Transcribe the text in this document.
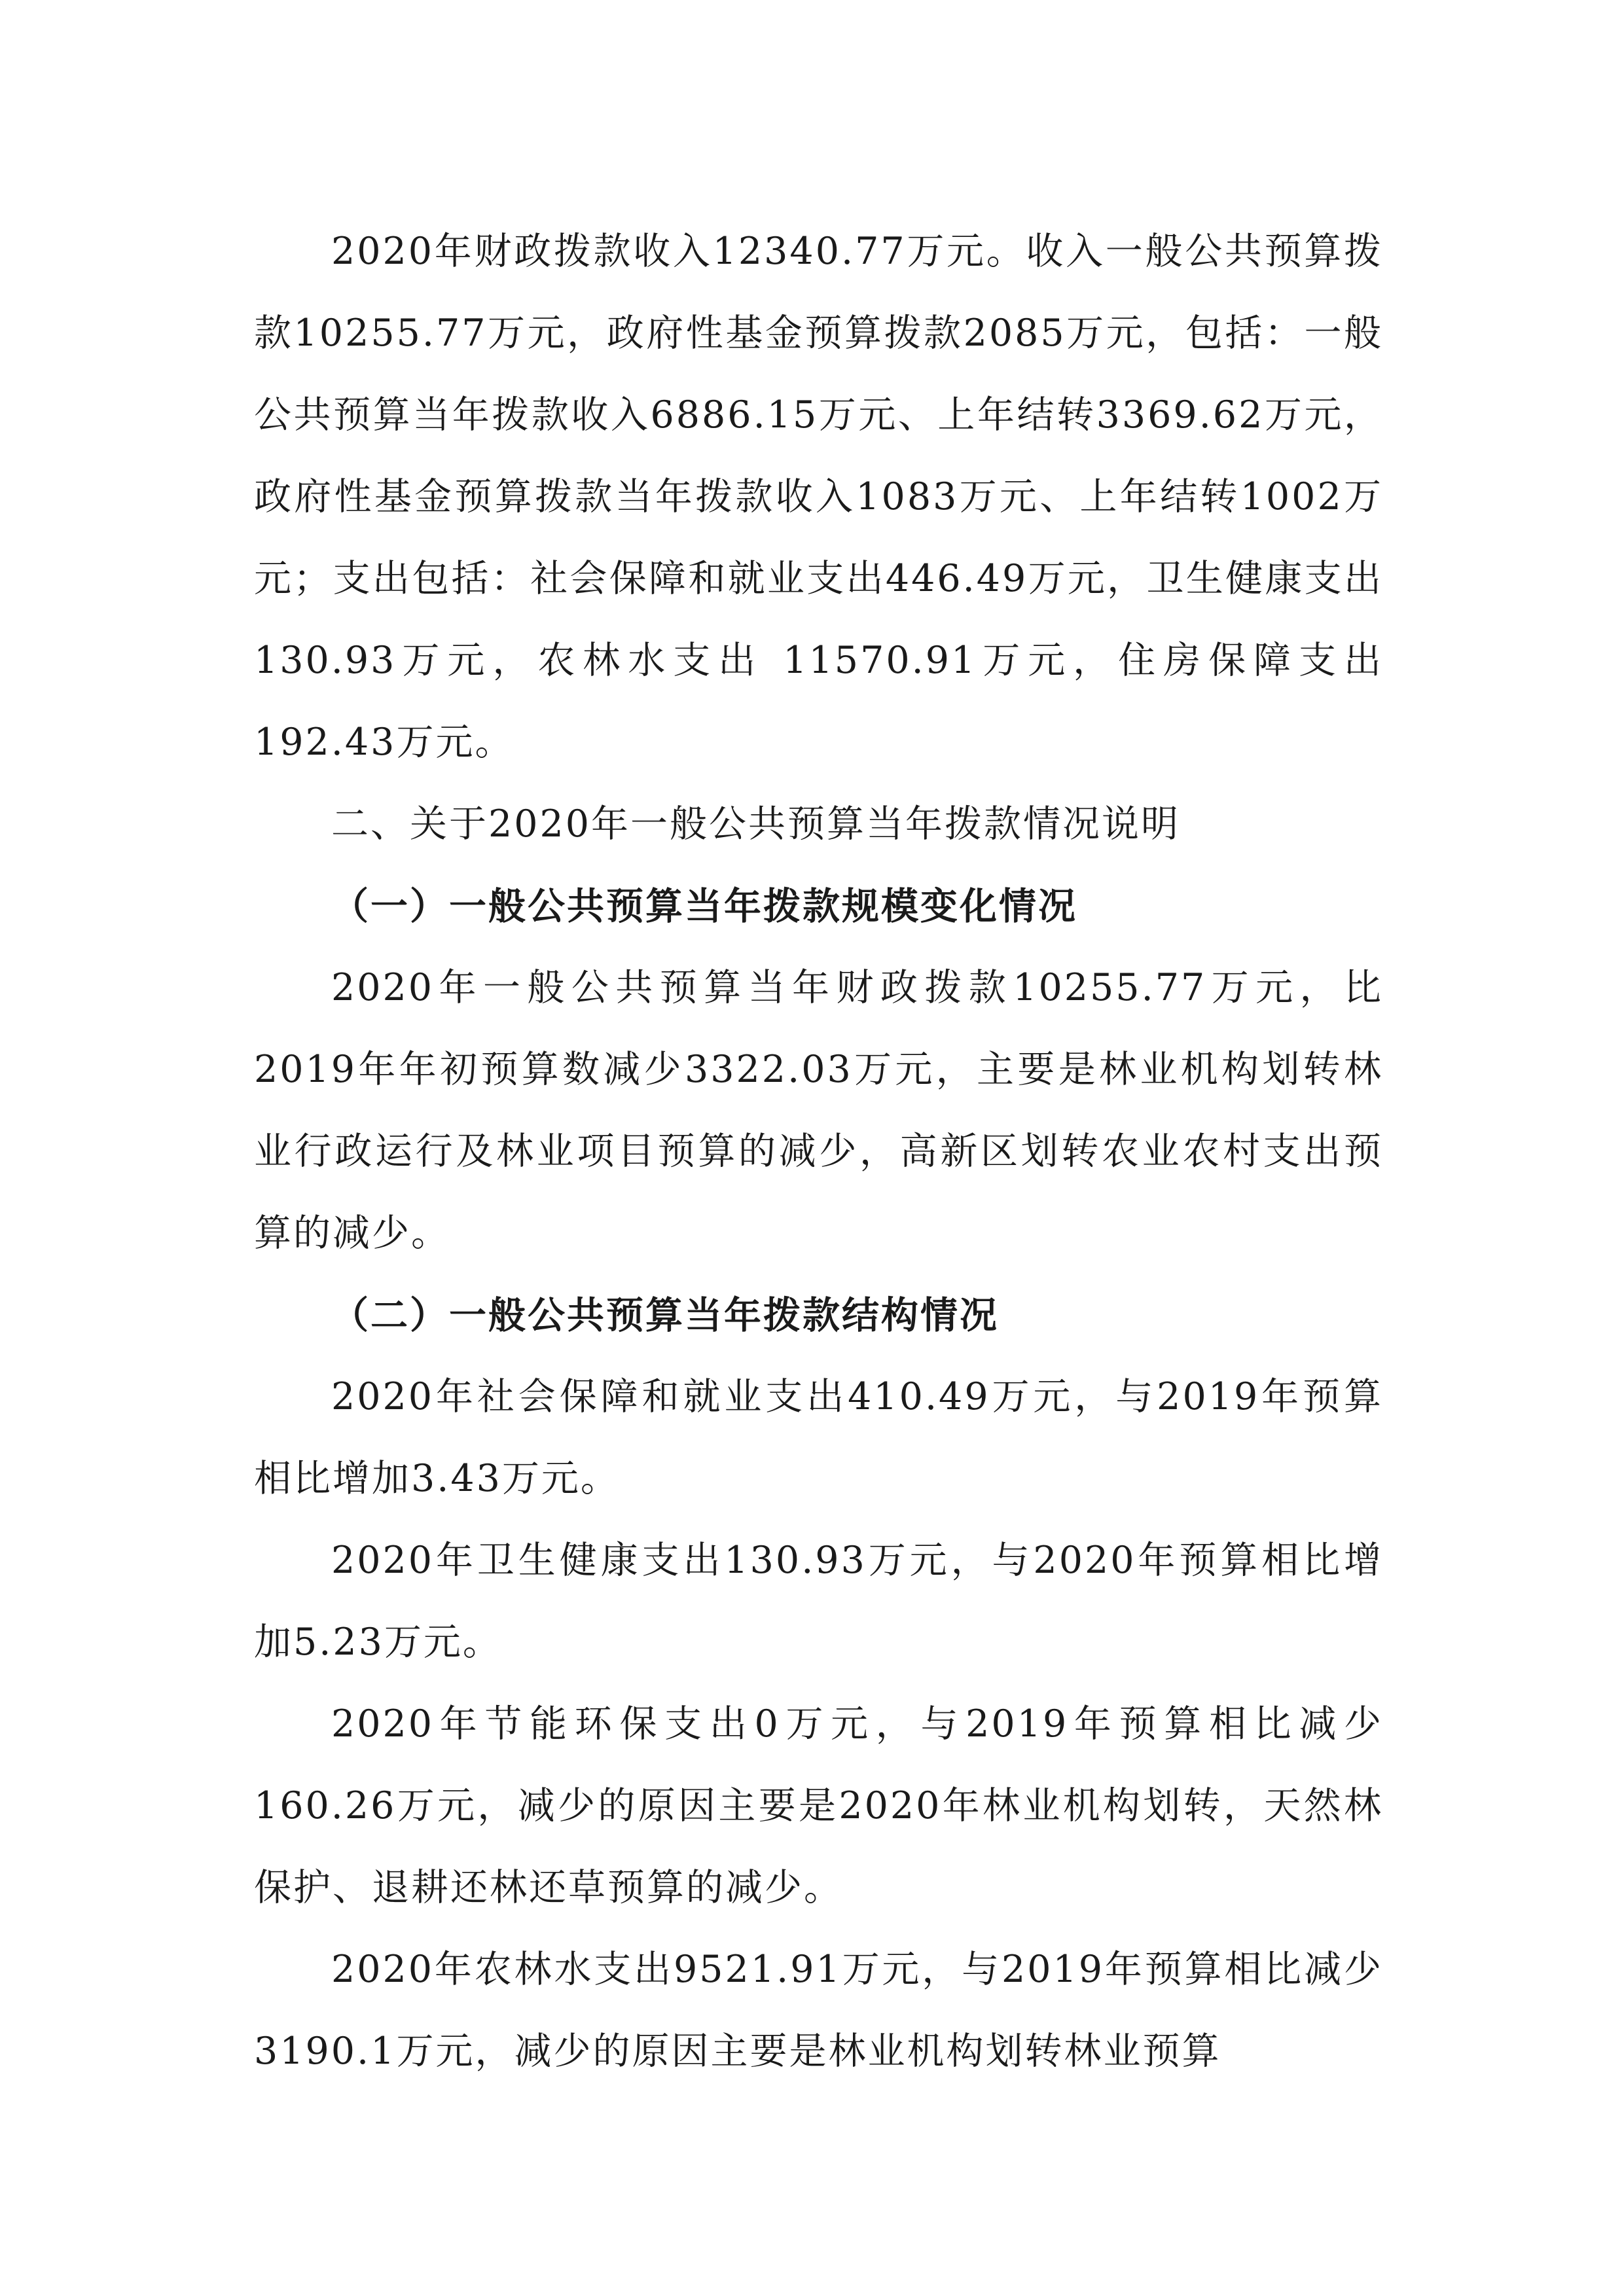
2020年财政拨款收入12340.77万元。收入一般公共预算拨款10255.77万元，政府性基金预算拨款2085万元，包括：一般公共预算当年拨款收入6886.15万元、上年结转3369.62万元，政府性基金预算拨款当年拨款收入1083万元、上年结转1002万元；支出包括：社会保障和就业支出446.49万元，卫生健康支出130.93万元，农林水支出 11570.91万元，住房保障支出192.43万元。

二、关于2020年一般公共预算当年拨款情况说明

（一）一般公共预算当年拨款规模变化情况

2020年一般公共预算当年财政拨款10255.77万元，比2019年年初预算数减少3322.03万元，主要是林业机构划转林业行政运行及林业项目预算的减少，高新区划转农业农村支出预算的减少。

（二）一般公共预算当年拨款结构情况

2020年社会保障和就业支出410.49万元，与2019年预算相比增加3.43万元。

2020年卫生健康支出130.93万元，与2020年预算相比增加5.23万元。

2020年节能环保支出0万元，与2019年预算相比减少160.26万元，减少的原因主要是2020年林业机构划转，天然林保护、退耕还林还草预算的减少。

2020年农林水支出9521.91万元，与2019年预算相比减少3190.1万元，减少的原因主要是林业机构划转林业预算
